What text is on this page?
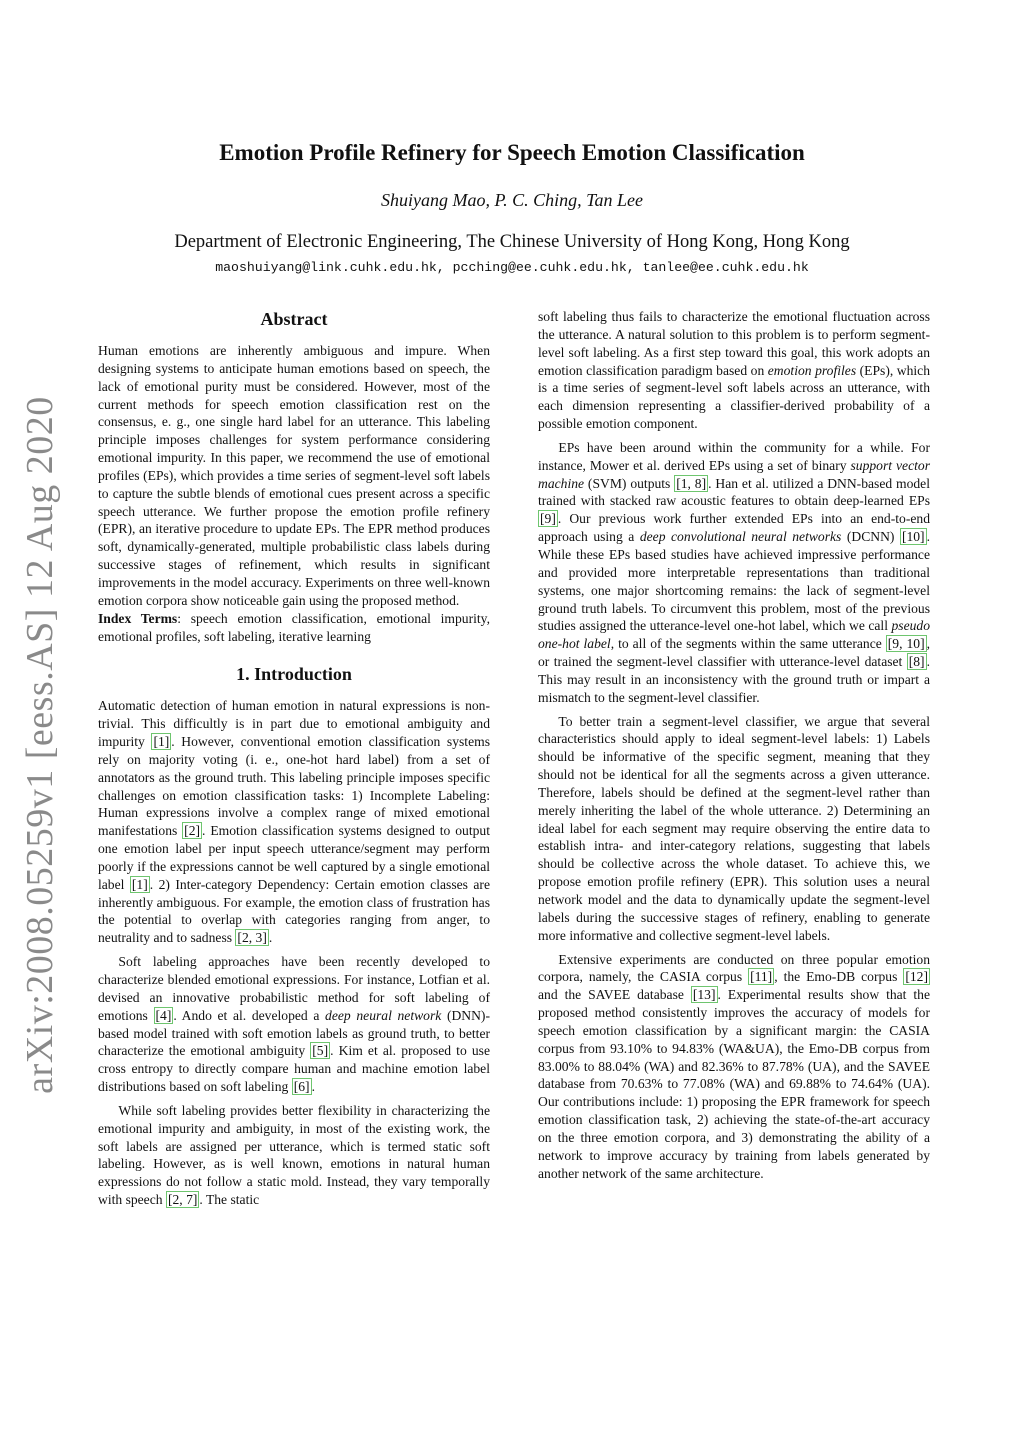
arXiv:2008.05259v1 [eess.AS] 12 Aug 2020
Emotion Profile Refinery for Speech Emotion Classification
Shuiyang Mao, P. C. Ching, Tan Lee
Department of Electronic Engineering, The Chinese University of Hong Kong, Hong Kong
maoshuiyang@link.cuhk.edu.hk, pcching@ee.cuhk.edu.hk, tanlee@ee.cuhk.edu.hk
Abstract

Human emotions are inherently ambiguous and impure. When designing systems to anticipate human emotions based on speech, the lack of emotional purity must be considered. However, most of the current methods for speech emotion classification rest on the consensus, e. g., one single hard label for an utterance. This labeling principle imposes challenges for system performance considering emotional impurity. In this paper, we recommend the use of emotional profiles (EPs), which provides a time series of segment-level soft labels to capture the subtle blends of emotional cues present across a specific speech utterance. We further propose the emotion profile refinery (EPR), an iterative procedure to update EPs. The EPR method produces soft, dynamically-generated, multiple probabilistic class labels during successive stages of refinement, which results in significant improvements in the model accuracy. Experiments on three well-known emotion corpora show noticeable gain using the proposed method.

Index Terms: speech emotion classification, emotional impurity, emotional profiles, soft labeling, iterative learning

1. Introduction

Automatic detection of human emotion in natural expressions is non-trivial. This difficultly is in part due to emotional ambiguity and impurity [1] . However, conventional emotion classification systems rely on majority voting (i. e., one-hot hard label) from a set of annotators as the ground truth. This labeling principle imposes specific challenges on emotion classification tasks: 1) Incomplete Labeling: Human expressions involve a complex range of mixed emotional manifestations [2] . Emotion classification systems designed to output one emotion label per input speech utterance/segment may perform poorly if the expressions cannot be well captured by a single emotional label [1] . 2) Inter-category Dependency: Certain emotion classes are inherently ambiguous. For example, the emotion class of frustration has the potential to overlap with categories ranging from anger, to neutrality and to sadness [2, 3] .

Soft labeling approaches have been recently developed to characterize blended emotional expressions. For instance, Lotfian et al. devised an innovative probabilistic method for soft labeling of emotions [4] . Ando et al. developed a deep neural network (DNN)-based model trained with soft emotion labels as ground truth, to better characterize the emotional ambiguity [5] . Kim et al. proposed to use cross entropy to directly compare human and machine emotion label distributions based on soft labeling [6] .

While soft labeling provides better flexibility in characterizing the emotional impurity and ambiguity, in most of the existing work, the soft labels are assigned per utterance, which is termed static soft labeling. However, as is well known, emotions in natural human expressions do not follow a static mold. Instead, they vary temporally with speech [2, 7] . The static

soft labeling thus fails to characterize the emotional fluctuation across the utterance. A natural solution to this problem is to perform segment-level soft labeling. As a first step toward this goal, this work adopts an emotion classification paradigm based on emotion profiles (EPs), which is a time series of segment-level soft labels across an utterance, with each dimension representing a classifier-derived probability of a possible emotion component.

EPs have been around within the community for a while. For instance, Mower et al. derived EPs using a set of binary support vector machine (SVM) outputs [1, 8] . Han et al. utilized a DNN-based model trained with stacked raw acoustic features to obtain deep-learned EPs [9] . Our previous work further extended EPs into an end-to-end approach using a deep convolutional neural networks (DCNN) [10] . While these EPs based studies have achieved impressive performance and provided more interpretable representations than traditional systems, one major shortcoming remains: the lack of segment-level ground truth labels. To circumvent this problem, most of the previous studies assigned the utterance-level one-hot label, which we call pseudo one-hot label, to all of the segments within the same utterance [9, 10] , or trained the segment-level classifier with utterance-level dataset [8] . This may result in an inconsistency with the ground truth or impart a mismatch to the segment-level classifier.

To better train a segment-level classifier, we argue that several characteristics should apply to ideal segment-level labels: 1) Labels should be informative of the specific segment, meaning that they should not be identical for all the segments across a given utterance. Therefore, labels should be defined at the segment-level rather than merely inheriting the label of the whole utterance. 2) Determining an ideal label for each segment may require observing the entire data to establish intra- and inter-category relations, suggesting that labels should be collective across the whole dataset. To achieve this, we propose emotion profile refinery (EPR). This solution uses a neural network model and the data to dynamically update the segment-level labels during the successive stages of refinery, enabling to generate more informative and collective segment-level labels.

Extensive experiments are conducted on three popular emotion corpora, namely, the CASIA corpus [11] , the Emo-DB corpus [12] and the SAVEE database [13] . Experimental results show that the proposed method consistently improves the accuracy of models for speech emotion classification by a significant margin: the CASIA corpus from 93.10% to 94.83% (WA&UA), the Emo-DB corpus from 83.00% to 88.04% (WA) and 82.36% to 87.78% (UA), and the SAVEE database from 70.63% to 77.08% (WA) and 69.88% to 74.64% (UA). Our contributions include: 1) proposing the EPR framework for speech emotion classification task, 2) achieving the state-of-the-art accuracy on the three emotion corpora, and 3) demonstrating the ability of a network to improve accuracy by training from labels generated by another network of the same architecture.
